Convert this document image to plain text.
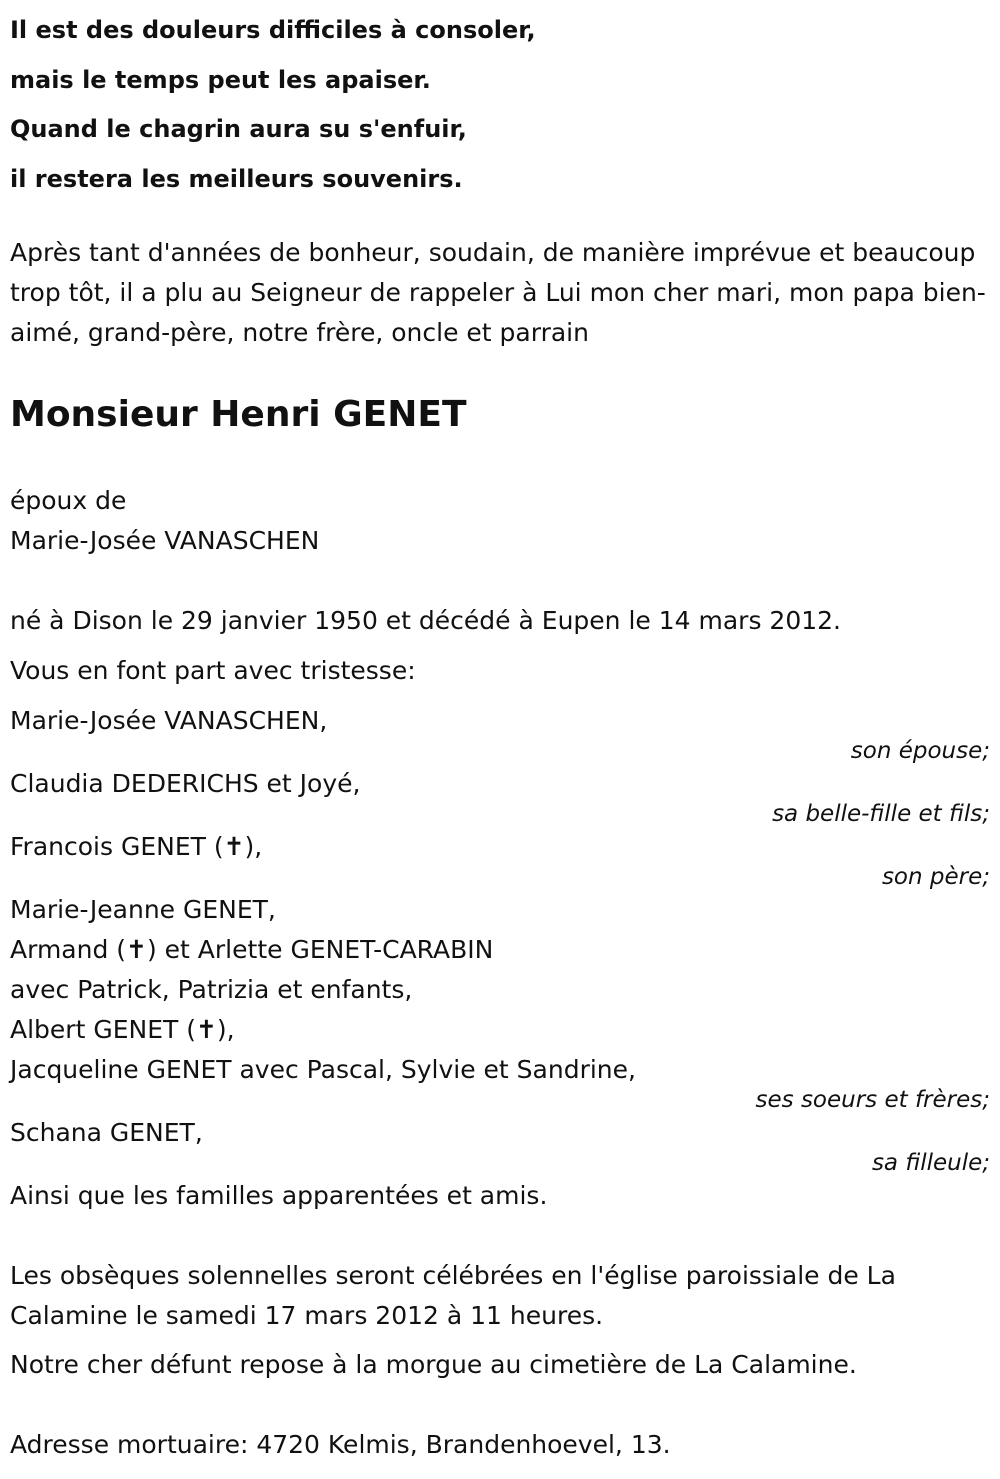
Il est des douleurs difficiles à consoler,
mais le temps peut les apaiser.
Quand le chagrin aura su s'enfuir,
il restera les meilleurs souvenirs.
Après tant d'années de bonheur, soudain, de manière imprévue et beaucoup trop tôt, il a plu au Seigneur de rappeler à Lui mon cher mari, mon papa bien-aimé, grand-père, notre frère, oncle et parrain
Monsieur Henri GENET
époux de
Marie-Josée VANASCHEN
né à Dison le 29 janvier 1950 et décédé à Eupen le 14 mars 2012.
Vous en font part avec tristesse:
Marie-Josée VANASCHEN,
son épouse;
Claudia DEDERICHS et Joyé,
sa belle-fille et fils;
Francois GENET (✝),
son père;
Marie-Jeanne GENET,
Armand (✝) et Arlette GENET-CARABIN
avec Patrick, Patrizia et enfants,
Albert GENET (✝),
Jacqueline GENET avec Pascal, Sylvie et Sandrine,
ses soeurs et frères;
Schana GENET,
sa filleule;
Ainsi que les familles apparentées et amis.
Les obsèques solennelles seront célébrées en l'église paroissiale de La Calamine le samedi 17 mars 2012 à 11 heures.
Notre cher défunt repose à la morgue au cimetière de La Calamine.
Adresse mortuaire: 4720 Kelmis, Brandenhoevel, 13.
